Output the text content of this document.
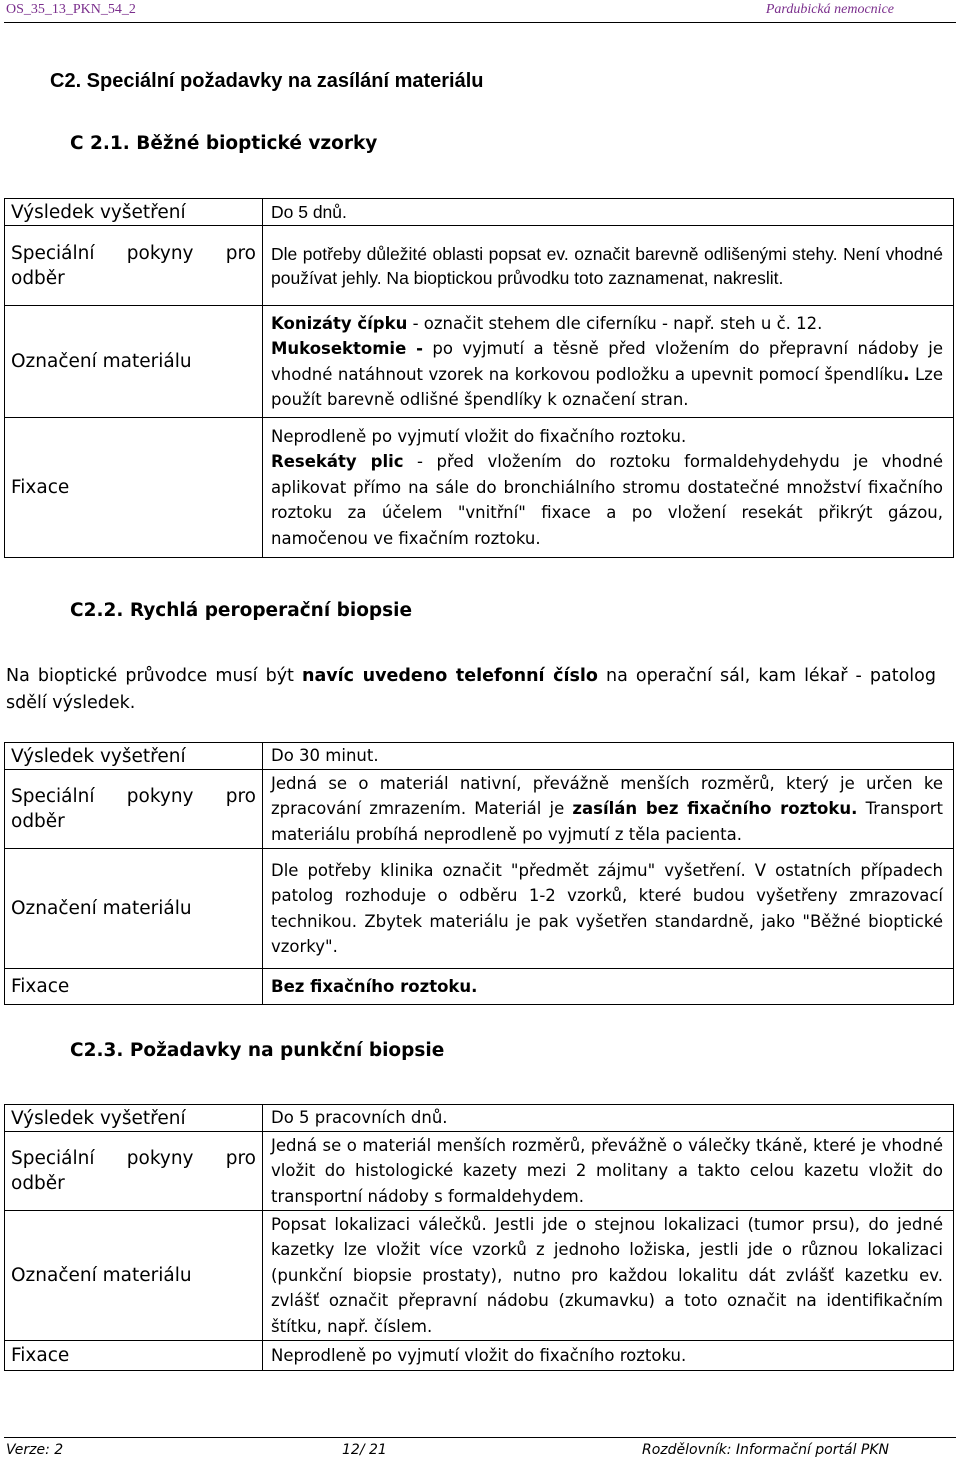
OS_35_13_PKN_54_2	Pardubická nemocnice
C2. Speciální požadavky na zasílání materiálu
C 2.1. Běžné bioptické vzorky
Výsledek vyšetření	Do 5 dnů.

Speciální pokyny pro
odběr	Dle potřeby důležité oblasti popsat ev. označit barevně odlišenými stehy. Není vhodné používat jehly. Na bioptickou průvodku toto zaznamenat, nakreslit.
Označení materiálu	Konizáty čípku - označit stehem dle ciferníku - např. steh u č. 12.

Mukosektomie - po vyjmutí a těsně před vložením do přepravní nádoby je vhodné natáhnout vzorek na korkovou podložku a upevnit pomocí špendlíku. Lze použít barevně odlišné špendlíky k označení stran.

Fixace	Neprodleně po vyjmutí vložit do fixačního roztoku.

Resekáty plic - před vložením do roztoku formaldehydehydu je vhodné aplikovat přímo na sále do bronchiálního stromu dostatečné množství fixačního roztoku za účelem "vnitřní" fixace a po vložení resekát přikrýt gázou, namočenou ve fixačním roztoku.

C2.2. Rychlá peroperační biopsie
Na bioptické průvodce musí být navíc uvedeno telefonní číslo na operační sál, kam lékař - patolog sdělí výsledek.
Výsledek vyšetření	Do 30 minut.

Speciální pokyny pro
odběr	Jedná se o materiál nativní, převážně menších rozměrů, který je určen ke zpracování zmrazením. Materiál je zasílán bez fixačního roztoku. Transport materiálu probíhá neprodleně po vyjmutí z těla pacienta.
Označení materiálu	Dle potřeby klinika označit "předmět zájmu" vyšetření. V ostatních případech patolog rozhoduje o odběru 1-2 vzorků, které budou vyšetřeny zmrazovací technikou. Zbytek materiálu je pak vyšetřen standardně, jako "Běžné bioptické vzorky".
Fixace	Bez fixačního roztoku.
C2.3. Požadavky na punkční biopsie
Výsledek vyšetření	Do 5 pracovních dnů.

Speciální pokyny pro
odběr	Jedná se o materiál menších rozměrů, převážně o válečky tkáně, které je vhodné vložit do histologické kazety mezi 2 molitany a takto celou kazetu vložit do transportní nádoby s formaldehydem.
Označení materiálu	Popsat lokalizaci válečků. Jestli jde o stejnou lokalizaci (tumor prsu), do jedné kazetky lze vložit více vzorků z jednoho ložiska, jestli jde o různou lokalizaci (punkční biopsie prostaty), nutno pro každou lokalitu dát zvlášť kazetku ev. zvlášť označit přepravní nádobu (zkumavku) a toto označit na identifikačním štítku, např. číslem.
Fixace	Neprodleně po vyjmutí vložit do fixačního roztoku.
Verze: 2	12/ 21	Rozdělovník: Informační portál PKN
